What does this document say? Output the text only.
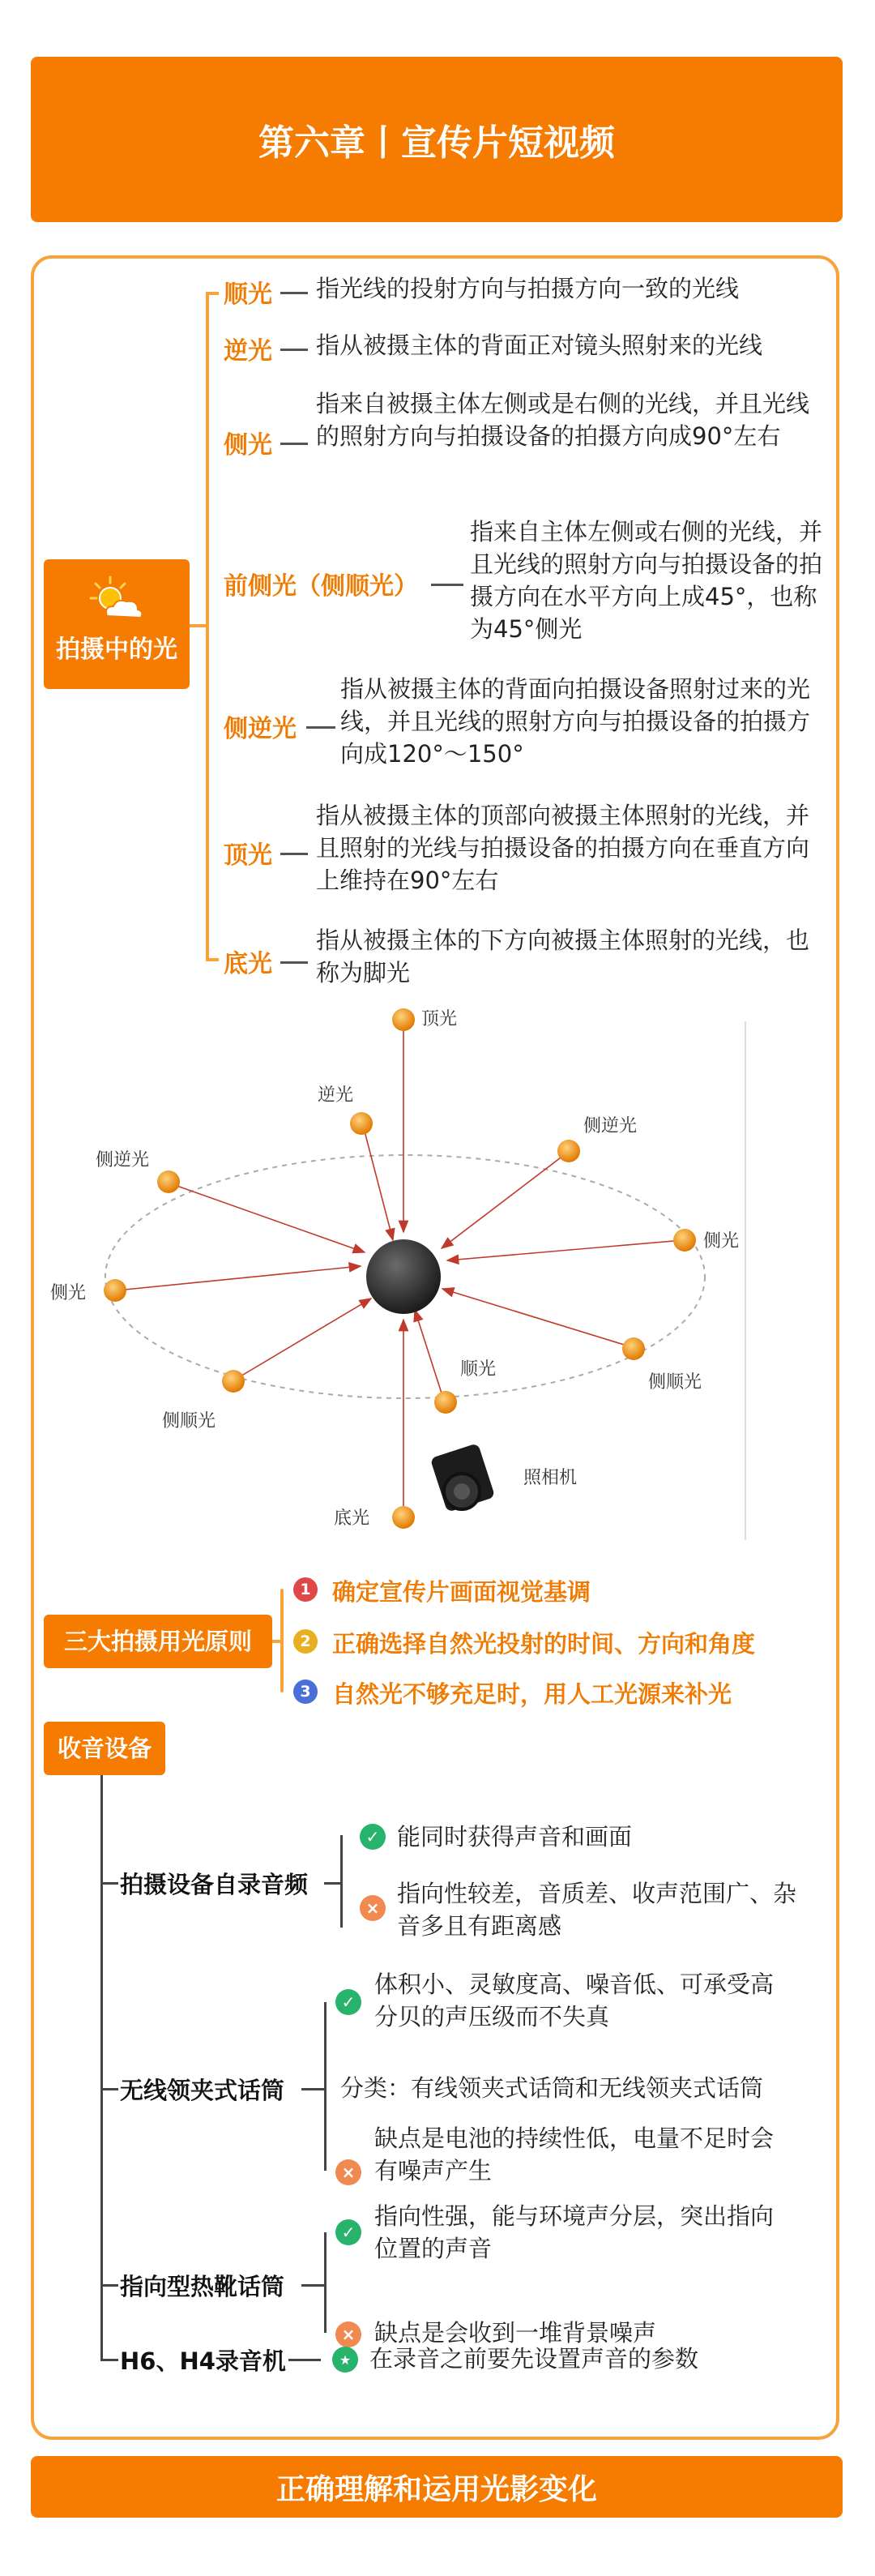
第六章丨宣传片短视频
拍摄中的光
顺光 指光线的投射方向与拍摄方向一致的光线
逆光 指从被摄主体的背面正对镜头照射来的光线
侧光
指来自被摄主体左侧或是右侧的光线，并且光线的照射方向与拍摄设备的拍摄方向成90°左右
前侧光（侧顺光）
指来自主体左侧或右侧的光线，并且光线的照射方向与拍摄设备的拍摄方向在水平方向上成45°，也称为45°侧光
侧逆光
指从被摄主体的背面向拍摄设备照射过来的光线，并且光线的照射方向与拍摄设备的拍摄方向成120°～150°
顶光
指从被摄主体的顶部向被摄主体照射的光线，并且照射的光线与拍摄设备的拍摄方向在垂直方向上维持在90°左右
底光
指从被摄主体的下方向被摄主体照射的光线，也称为脚光
顶光
逆光
侧逆光
侧逆光
侧光
侧光
侧顺光
侧顺光
顺光
底光
照相机
三大拍摄用光原则
1 确定宣传片画面视觉基调
2 正确选择自然光投射的时间、方向和角度
3 自然光不够充足时，用人工光源来补光
收音设备
拍摄设备自录音频
✓ 能同时获得声音和画面
×
指向性较差，音质差、收声范围广、杂音多且有距离感
无线领夹式话筒
✓
体积小、灵敏度高、噪音低、可承受高分贝的声压级而不失真
分类：有线领夹式话筒和无线领夹式话筒
×
缺点是电池的持续性低，电量不足时会有噪声产生
指向型热靴话筒
✓
指向性强，能与环境声分层，突出指向位置的声音
× 缺点是会收到一堆背景噪声
H6、H4录音机	★ 在录音之前要先设置声音的参数
正确理解和运用光影变化
